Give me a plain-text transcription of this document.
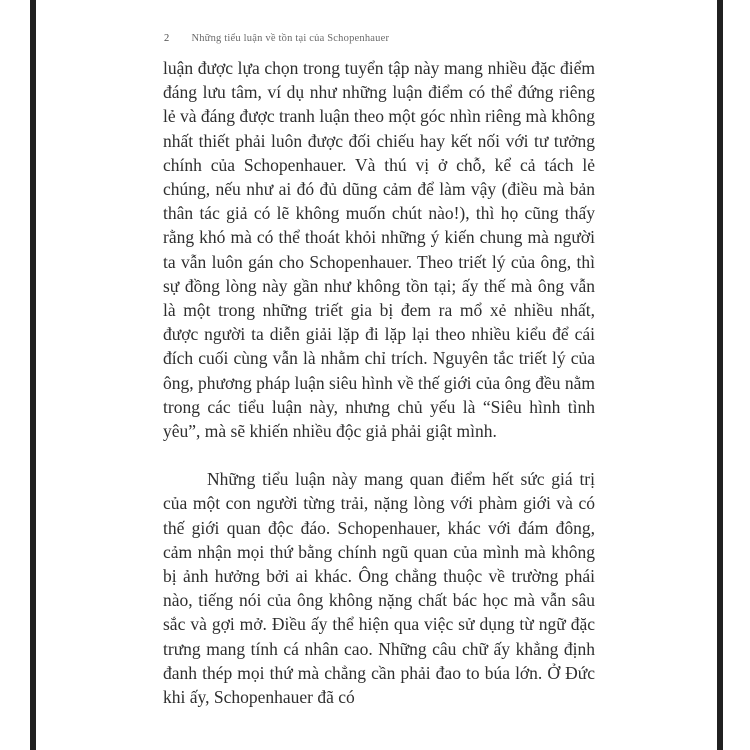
2 Những tiểu luận về tồn tại của Schopenhauer

luận được lựa chọn trong tuyển tập này mang nhiều đặc điểm đáng lưu tâm, ví dụ như những luận điểm có thể đứng riêng lẻ và đáng được tranh luận theo một góc nhìn riêng mà không nhất thiết phải luôn được đối chiếu hay kết nối với tư tưởng chính của Schopenhauer. Và thú vị ở chỗ, kể cả tách lẻ chúng, nếu như ai đó đủ dũng cảm để làm vậy (điều mà bản thân tác giả có lẽ không muốn chút nào!), thì họ cũng thấy rằng khó mà có thể thoát khỏi những ý kiến chung mà người ta vẫn luôn gán cho Schopenhauer. Theo triết lý của ông, thì sự đồng lòng này gần như không tồn tại; ấy thế mà ông vẫn là một trong những triết gia bị đem ra mổ xẻ nhiều nhất, được người ta diễn giải lặp đi lặp lại theo nhiều kiểu để cái đích cuối cùng vẫn là nhằm chỉ trích. Nguyên tắc triết lý của ông, phương pháp luận siêu hình về thế giới của ông đều nằm trong các tiểu luận này, nhưng chủ yếu là “Siêu hình tình yêu”, mà sẽ khiến nhiều độc giả phải giật mình.

Những tiểu luận này mang quan điểm hết sức giá trị của một con người từng trải, nặng lòng với phàm giới và có thế giới quan độc đáo. Schopenhauer, khác với đám đông, cảm nhận mọi thứ bằng chính ngũ quan của mình mà không bị ảnh hưởng bởi ai khác. Ông chẳng thuộc về trường phái nào, tiếng nói của ông không nặng chất bác học mà vẫn sâu sắc và gợi mở. Điều ấy thể hiện qua việc sử dụng từ ngữ đặc trưng mang tính cá nhân cao. Những câu chữ ấy khẳng định đanh thép mọi thứ mà chẳng cần phải đao to búa lớn. Ở Đức khi ấy, Schopenhauer đã có
